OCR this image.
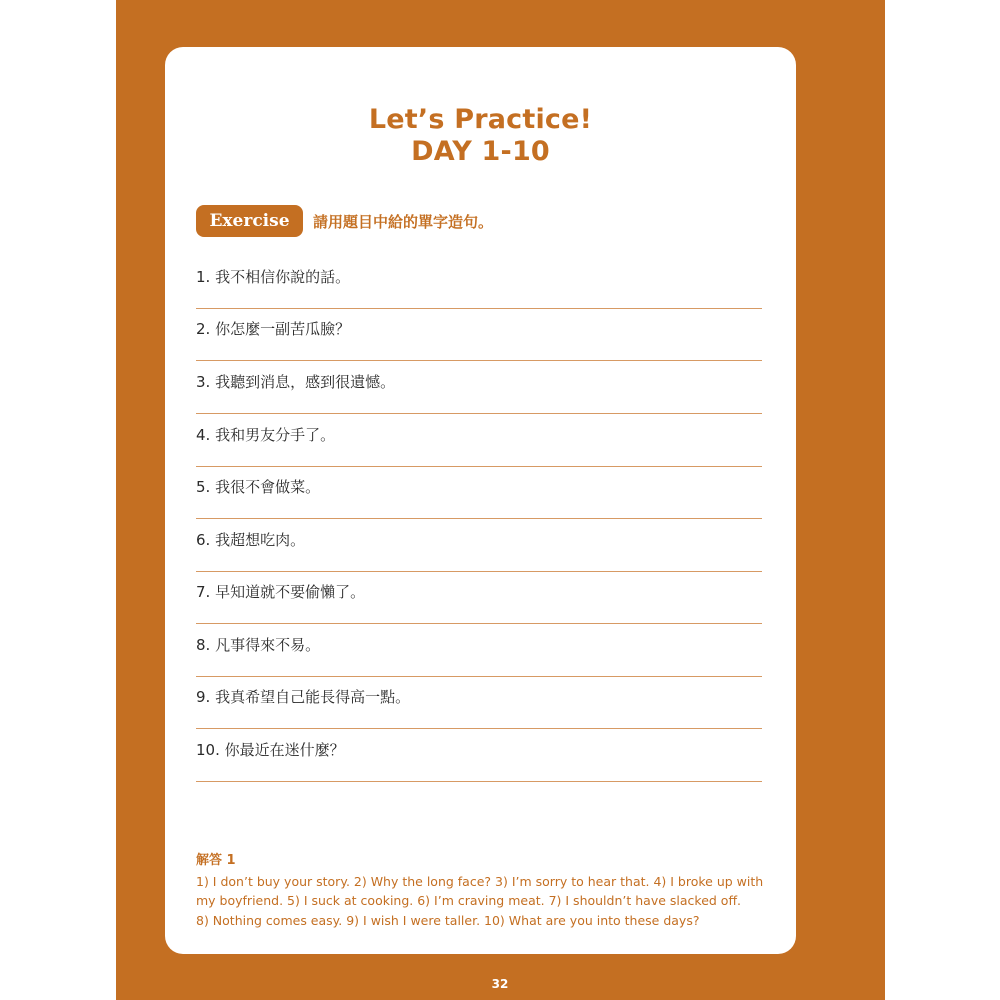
Let’s Practice!
DAY 1-10
Exercise 1
請用題目中給的單字造句。
1. 我不相信你說的話。
2. 你怎麼一副苦瓜臉？
3. 我聽到消息，感到很遺憾。
4. 我和男友分手了。
5. 我很不會做菜。
6. 我超想吃肉。
7. 早知道就不要偷懶了。
8. 凡事得來不易。
9. 我真希望自己能長得高一點。
10. 你最近在迷什麼？
解答 1
1) I don’t buy your story. 2) Why the long face? 3) I’m sorry to hear that. 4) I broke up with
my boyfriend. 5) I suck at cooking. 6) I’m craving meat. 7) I shouldn’t have slacked off.
8) Nothing comes easy. 9) I wish I were taller. 10) What are you into these days?
32
